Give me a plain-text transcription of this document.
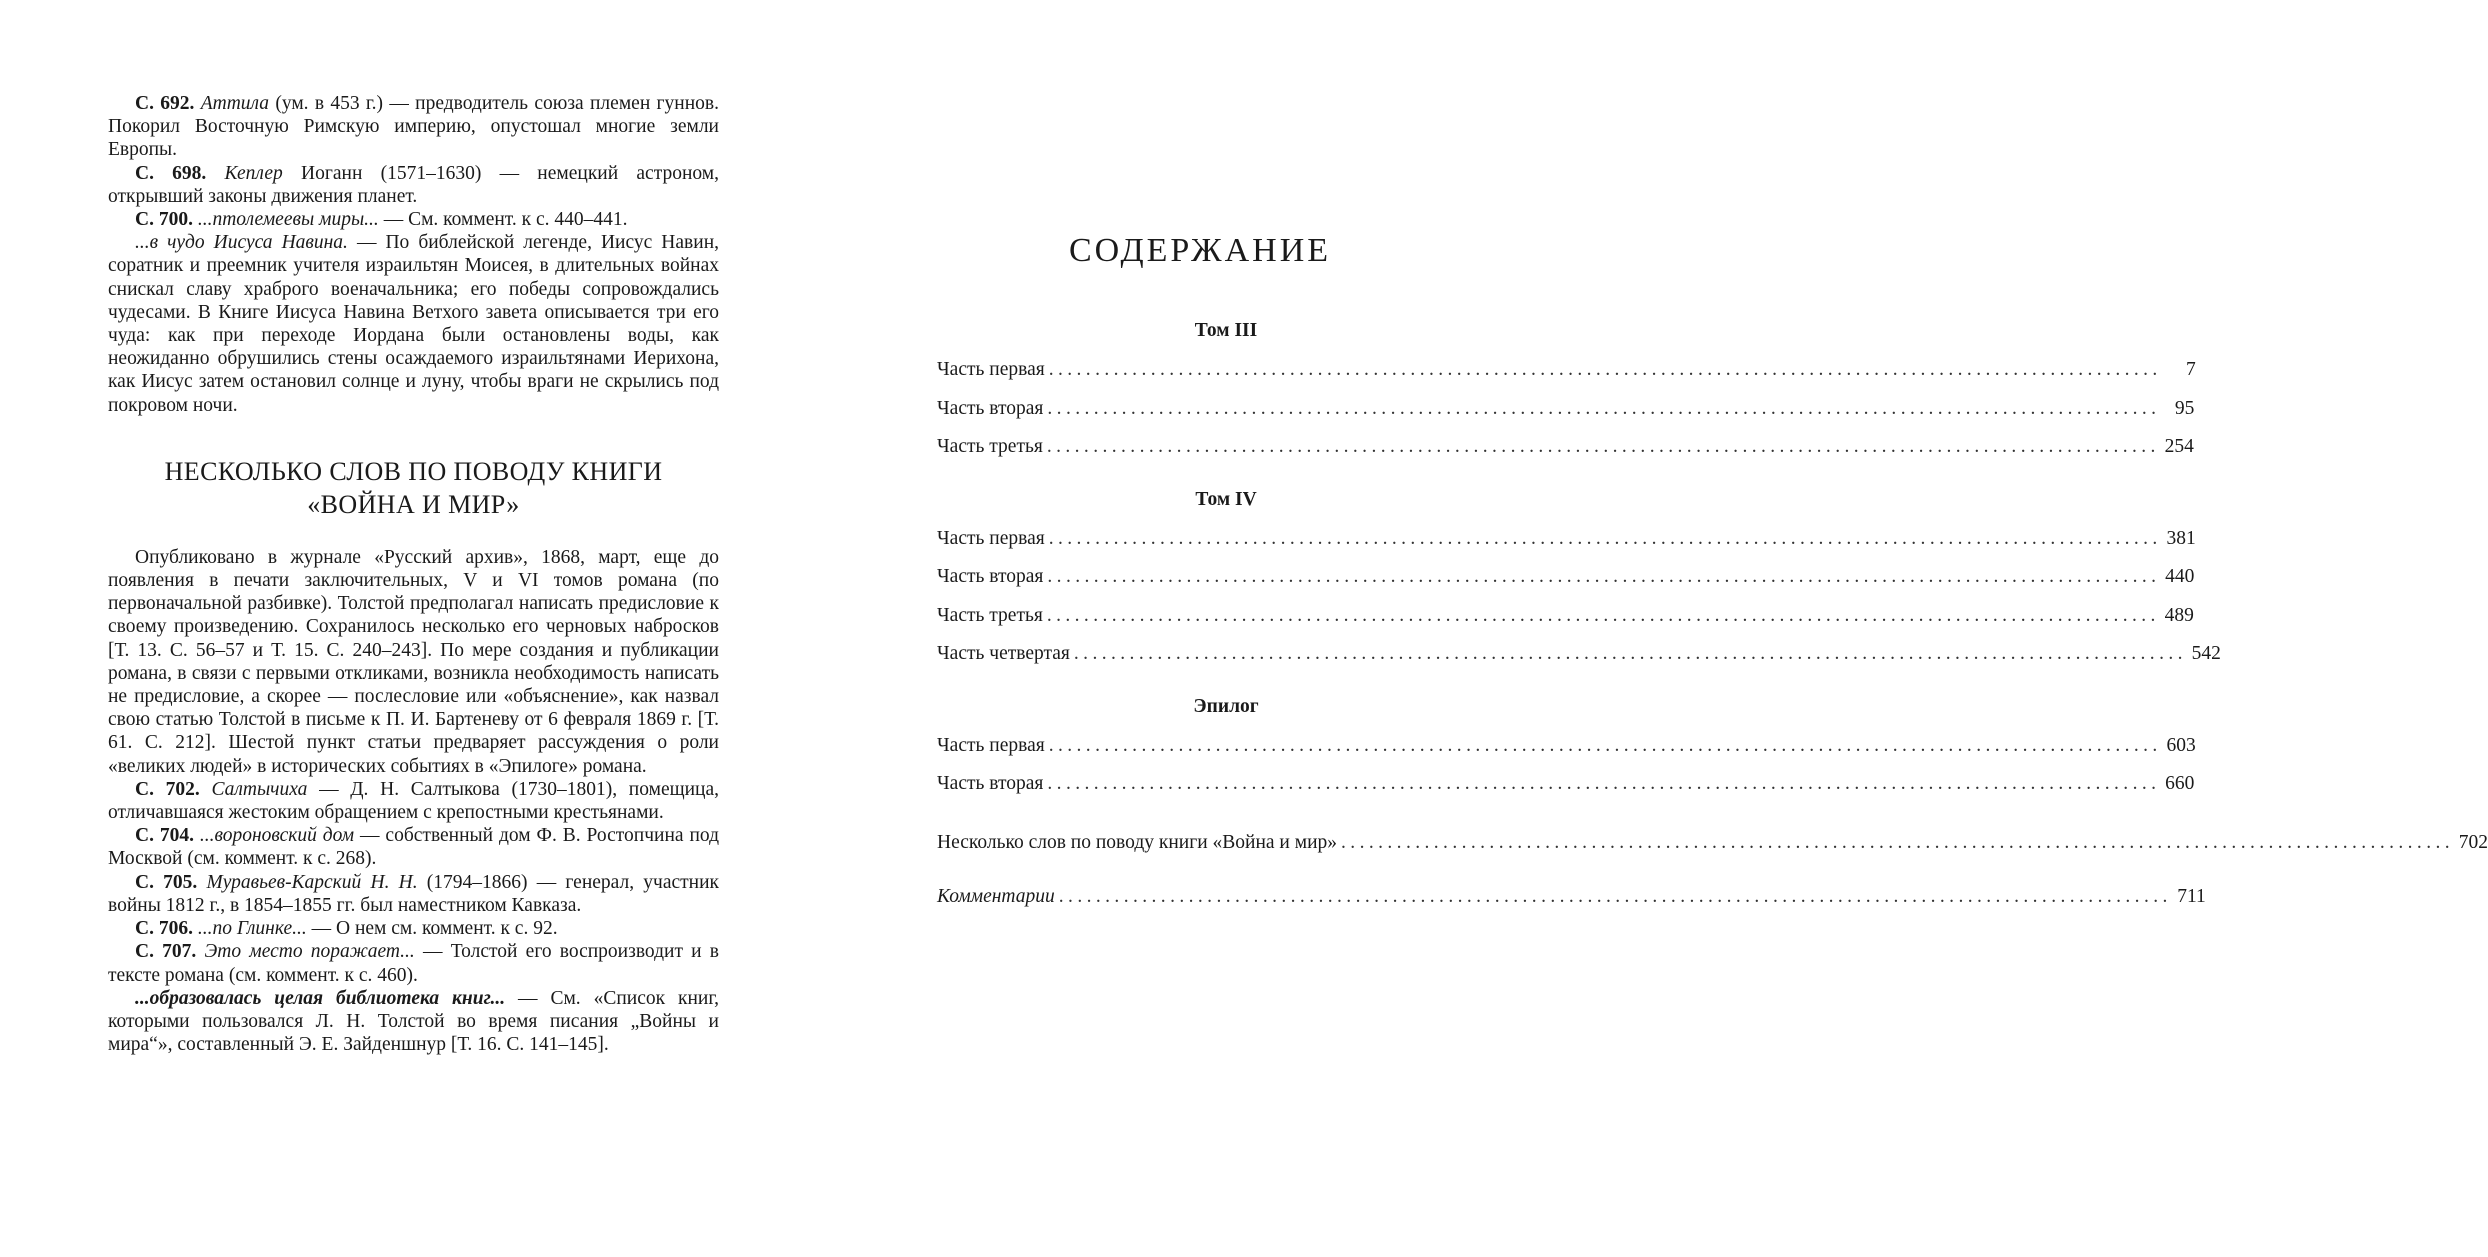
С. 692. Аттила (ум. в 453 г.) — предводитель союза племен гуннов. Покорил Восточную Римскую империю, опустошал многие земли Европы.

С. 698. Кеплер Иоганн (1571–1630) — немецкий астроном, открывший законы движения планет.

С. 700. ...птолемеевы миры... — См. коммент. к с. 440–441.

...в чудо Иисуса Навина. — По библейской легенде, Иисус Навин, соратник и преемник учителя израильтян Моисея, в длительных войнах снискал славу храброго военачальника; его победы сопровождались чудесами. В Книге Иисуса Навина Ветхого завета описывается три его чуда: как при переходе Иордана были остановлены воды, как неожиданно обрушились стены осаждаемого израильтянами Иерихона, как Иисус затем остановил солнце и луну, чтобы враги не скрылись под покровом ночи.

НЕСКОЛЬКО СЛОВ ПО ПОВОДУ КНИГИ
«ВОЙНА И МИР»

Опубликовано в журнале «Русский архив», 1868, март, еще до появления в печати заключительных, V и VI томов романа (по первоначальной разбивке). Толстой предполагал написать предисловие к своему произведению. Сохранилось несколько его черновых набросков [Т. 13. С. 56–57 и Т. 15. С. 240–243]. По мере создания и публикации романа, в связи с первыми откликами, возникла необходимость написать не предисловие, а скорее — послесловие или «объяснение», как назвал свою статью Толстой в письме к П. И. Бартеневу от 6 февраля 1869 г. [Т. 61. С. 212]. Шестой пункт статьи предваряет рассуждения о роли «великих людей» в исторических событиях в «Эпилоге» романа.

С. 702. Салтычиха — Д. Н. Салтыкова (1730–1801), помещица, отличавшаяся жестоким обращением с крепостными крестьянами.

С. 704. ...вороновский дом — собственный дом Ф. В. Ростопчина под Москвой (см. коммент. к с. 268).

С. 705. Муравьев-Карский Н. Н. (1794–1866) — генерал, участник войны 1812 г., в 1854–1855 гг. был наместником Кавказа.

С. 706. ...по Глинке... — О нем см. коммент. к с. 92.

С. 707. Это место поражает... — Толстой его воспроизводит и в тексте романа (см. коммент. к с. 460).

...образовалась целая библиотека книг... — См. «Список книг, которыми пользовался Л. Н. Толстой во время писания „Войны и мира“», составленный Э. Е. Зайденшнур [Т. 16. С. 141–145].

СОДЕРЖАНИЕ
Том III
Часть первая ........................................................................................................................	7
Часть вторая ........................................................................................................................ 95
Часть третья ........................................................................................................................ 254
Том IV
Часть первая ........................................................................................................................ 381
Часть вторая ........................................................................................................................ 440
Часть третья ........................................................................................................................ 489
Часть четвертая ........................................................................................................................ 542
Эпилог
Часть первая ........................................................................................................................ 603
Часть вторая ........................................................................................................................ 660
Несколько слов по поводу книги «Война и мир» ........................................................................................................................ 702
Комментарии ........................................................................................................................ 711
